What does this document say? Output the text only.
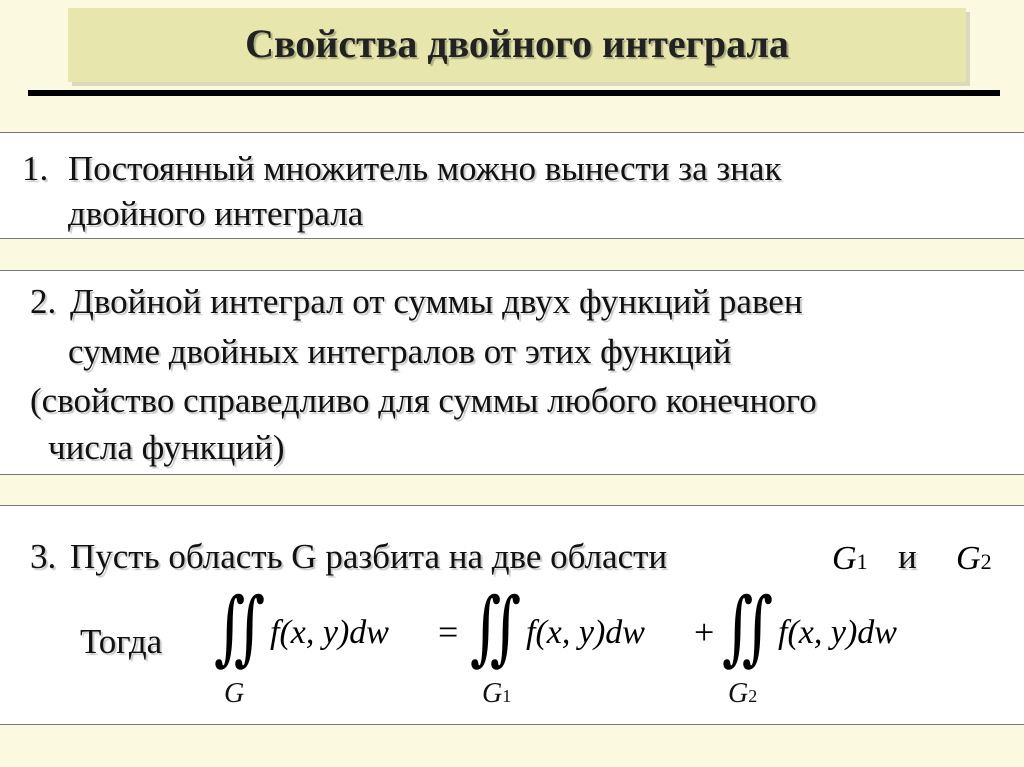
Свойства двойного интеграла
1. Постоянный множитель можно вынести за знак
двойного интеграла
2. Двойной интеграл от суммы двух функций равен
сумме двойных интегралов от этих функций
(свойство справедливо для суммы любого конечного
числа функций)
3. Пусть область G разбита на две области	G1 и G2
Тогда ∬ f(x, y)dw = ∬ f(x, y)dw + ∬ f(x, y)dw
G	G1	G2
